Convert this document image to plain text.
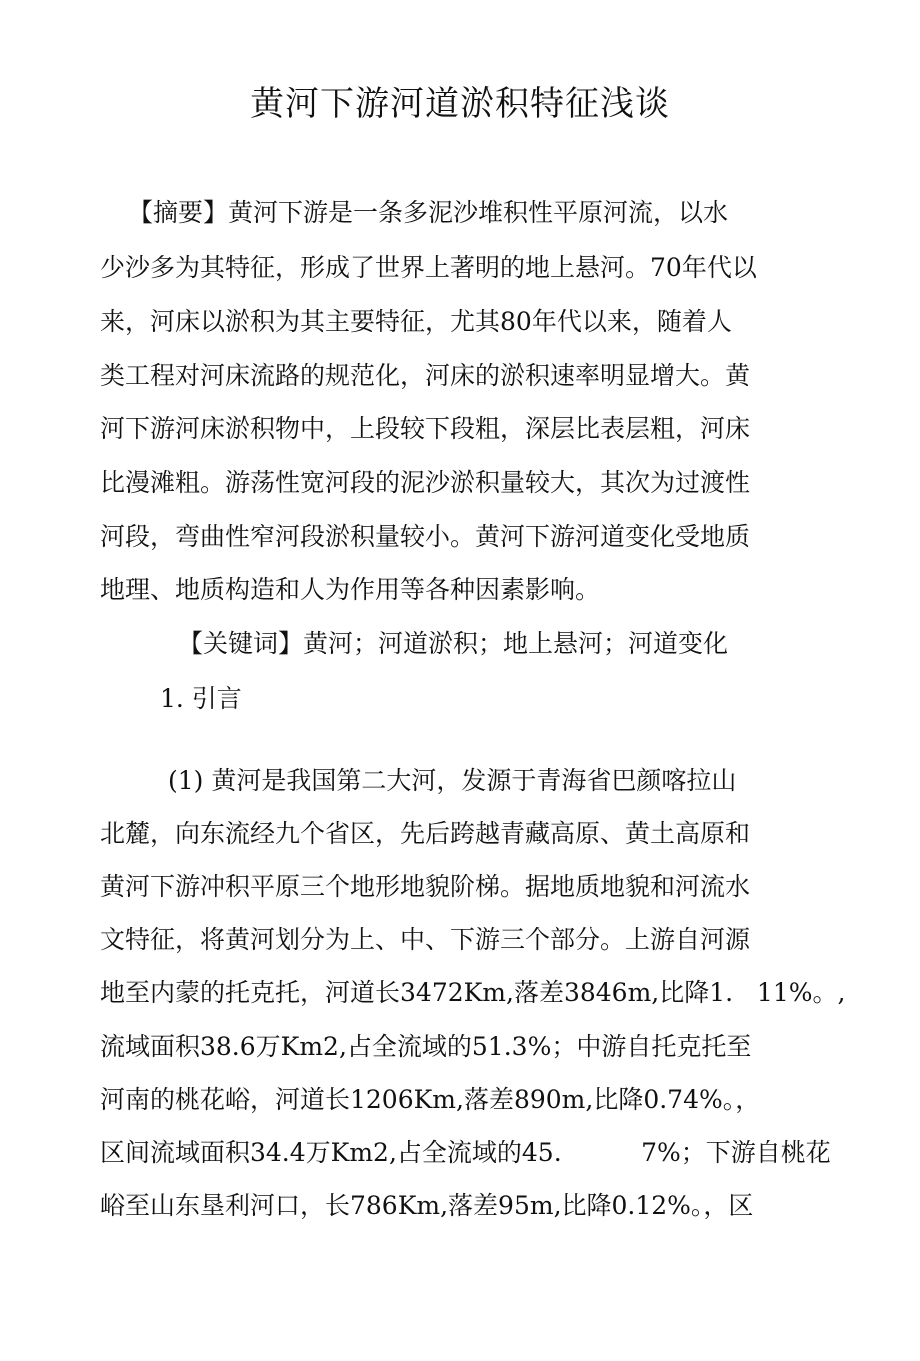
黄河下游河道淤积特征浅谈
【摘要】黄河下游是一条多泥沙堆积性平原河流，以水
少沙多为其特征，形成了世界上著明的地上悬河。70年代以
来，河床以淤积为其主要特征，尤其80年代以来，随着人
类工程对河床流路的规范化，河床的淤积速率明显增大。黄
河下游河床淤积物中，上段较下段粗，深层比表层粗，河床
比漫滩粗。游荡性宽河段的泥沙淤积量较大，其次为过渡性
河段，弯曲性窄河段淤积量较小。黄河下游河道变化受地质
地理、地质构造和人为作用等各种因素影响。
【关键词】黄河；河道淤积；地上悬河；河道变化
1. 引言
(1) 黄河是我国第二大河，发源于青海省巴颜喀拉山
北麓，向东流经九个省区，先后跨越青藏高原、黄土高原和
黄河下游冲积平原三个地形地貌阶梯。据地质地貌和河流水
文特征，将黄河划分为上、中、下游三个部分。上游自河源
地至内蒙的托克托，河道长3472Km,落差3846m,比降1.   11%。,
流域面积38.6万Km2,占全流域的51.3%；中游自托克托至
河南的桃花峪，河道长1206Km,落差890m,比降0.74%。，
区间流域面积34.4万Km2,占全流域的45.          7%；下游自桃花
峪至山东垦利河口，长786Km,落差95m,比降0.12%。，区
